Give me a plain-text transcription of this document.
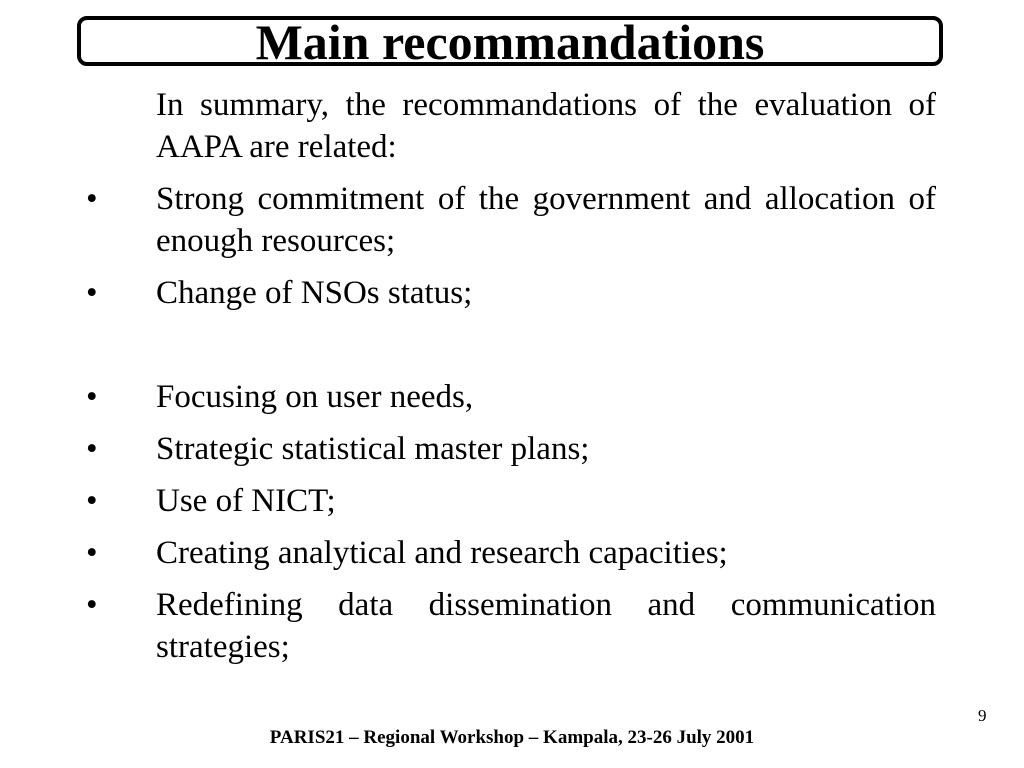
Main recommandations
In summary, the recommandations of the evaluation of AAPA are related:
• Strong commitment of the government and allocation of enough resources;
• Change of NSOs status;
• Focusing on user needs,
• Strategic statistical master plans;
• Use of NICT;
• Creating analytical and research capacities;
• Redefining data dissemination and communication strategies;
9
PARIS21 – Regional Workshop – Kampala, 23-26 July 2001
